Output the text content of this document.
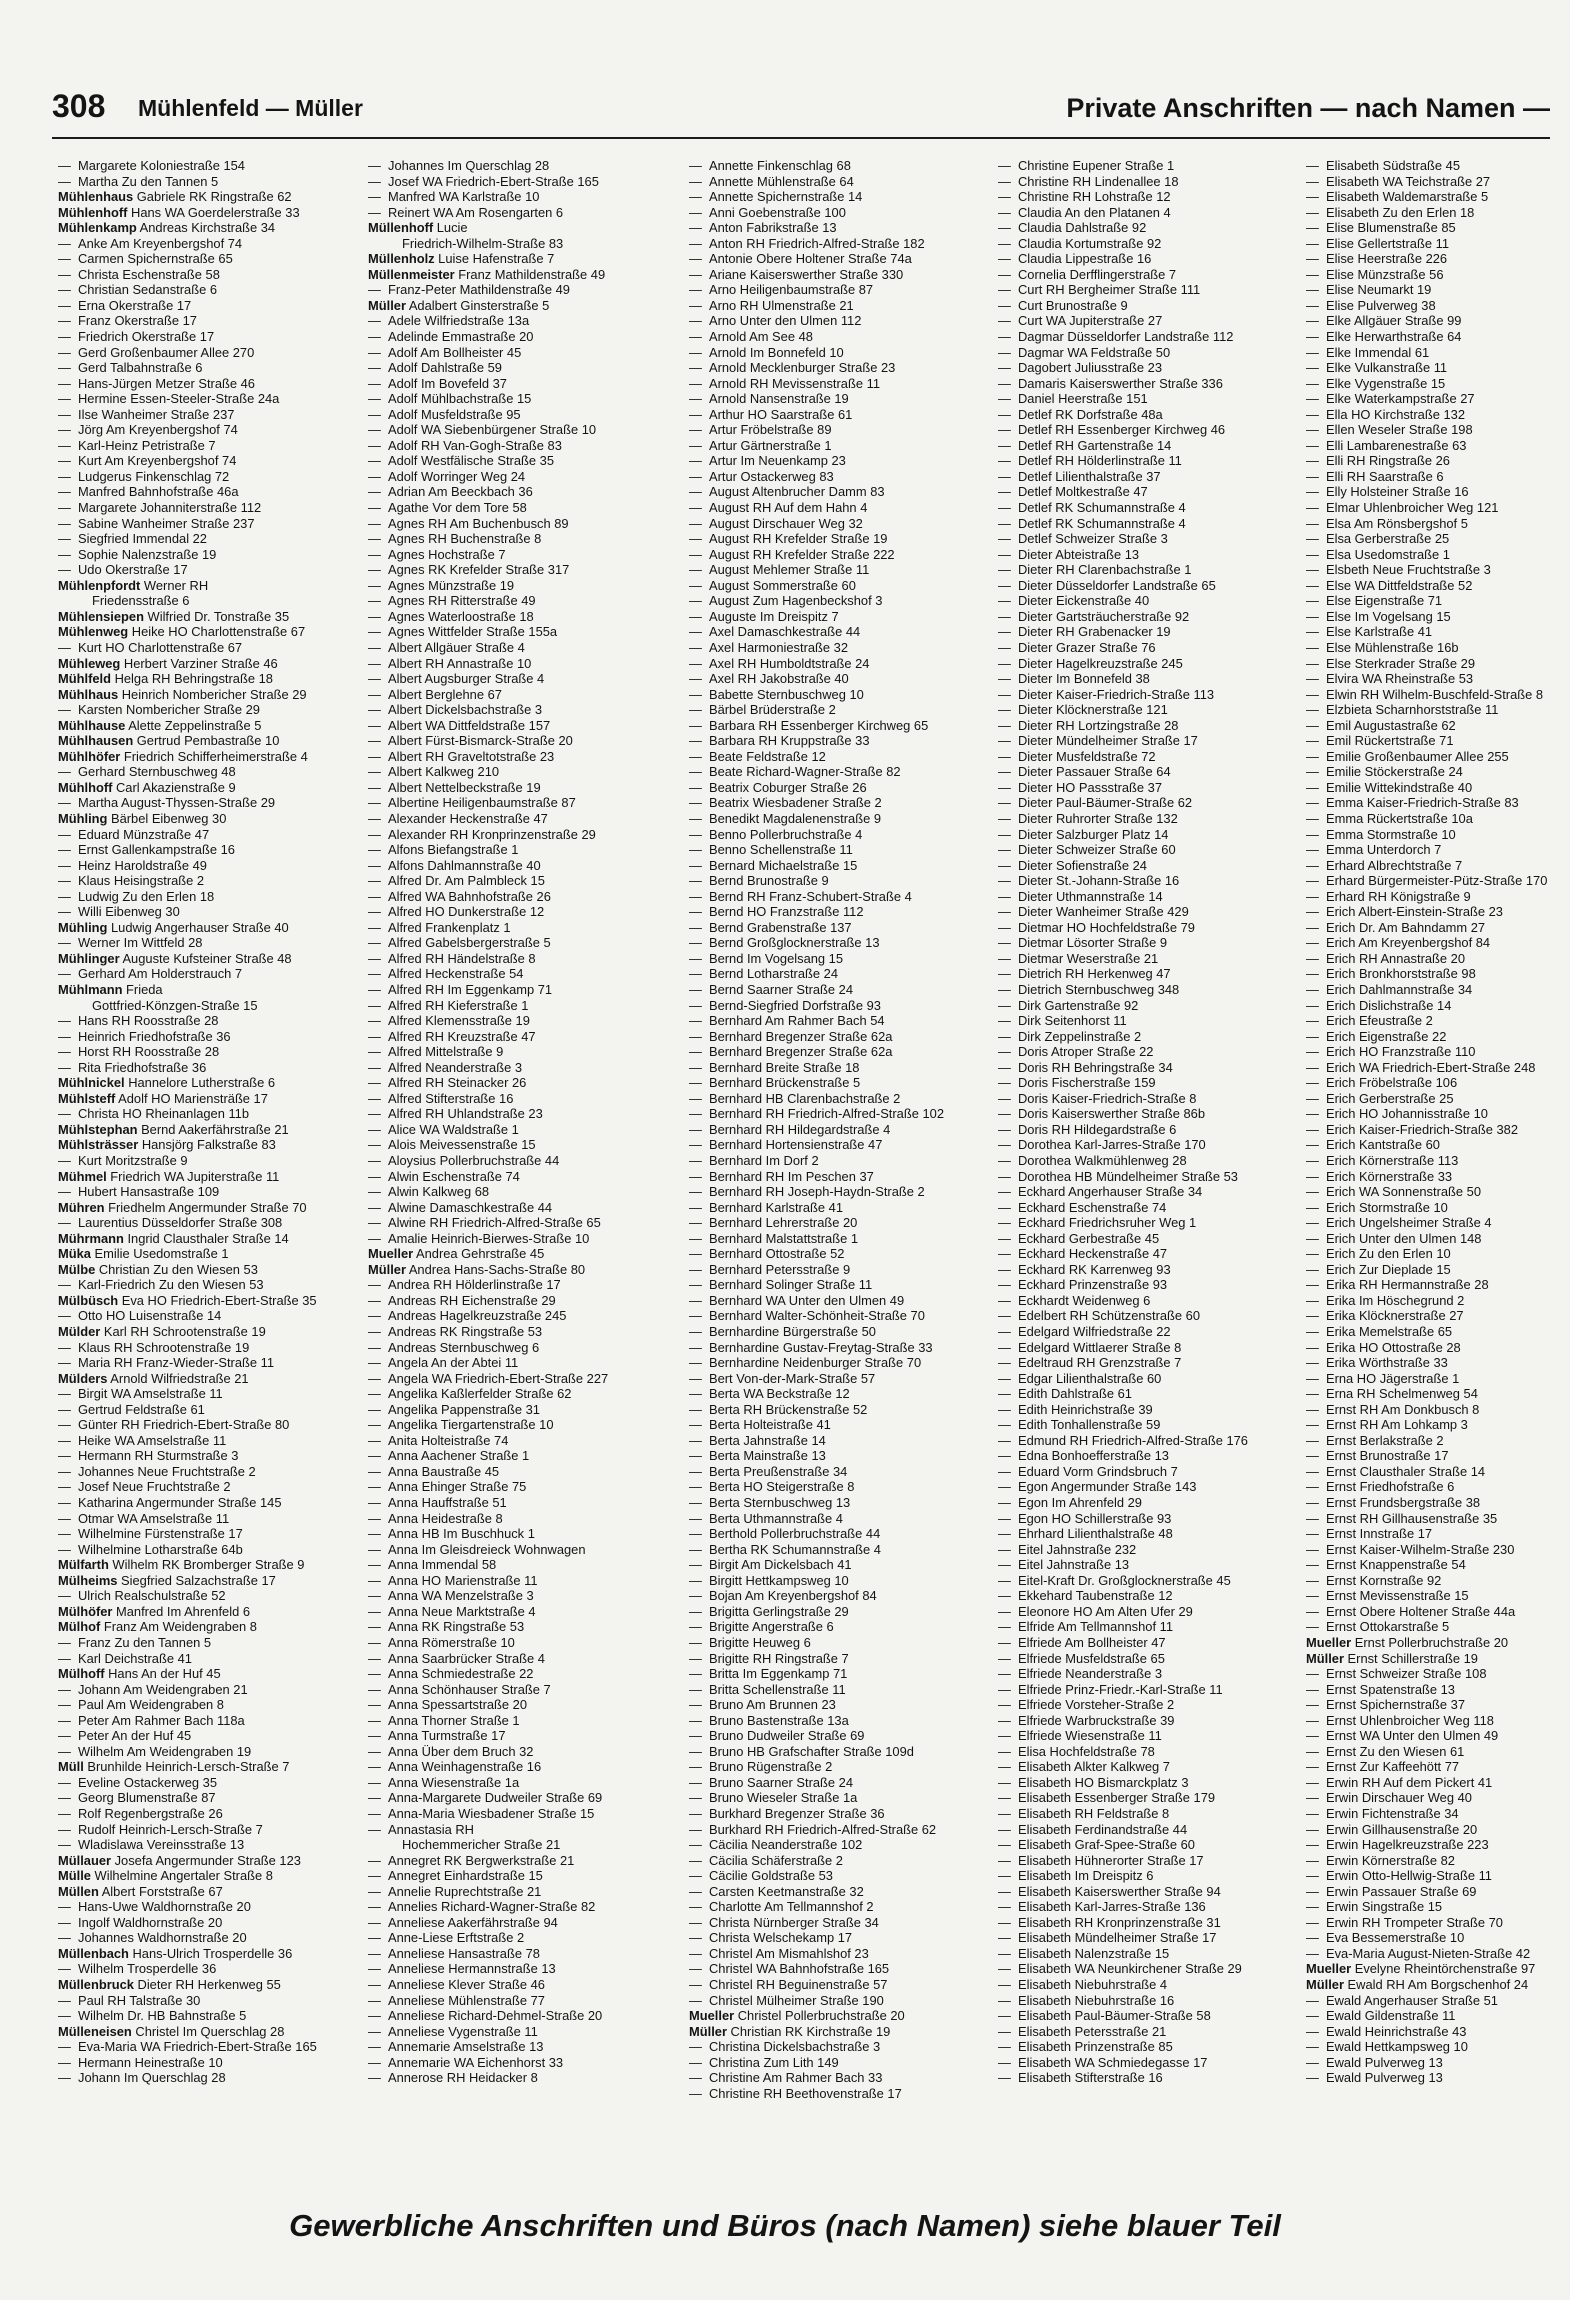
308 Mühlenfeld — Müller	Private Anschriften — nach Namen —
— Margarete Koloniestraße 154
— Martha Zu den Tannen 5
Mühlenhaus Gabriele RK Ringstraße 62
Mühlenhoff Hans WA Goerdelerstraße 33
Mühlenkamp Andreas Kirchstraße 34
— Anke Am Kreyenbergshof 74
— Carmen Spichernstraße 65
— Christa Eschenstraße 58
— Christian Sedanstraße 6
— Erna Okerstraße 17
— Franz Okerstraße 17
— Friedrich Okerstraße 17
— Gerd Großenbaumer Allee 270
— Gerd Talbahnstraße 6
— Hans-Jürgen Metzer Straße 46
— Hermine Essen-Steeler-Straße 24a
— Ilse Wanheimer Straße 237
— Jörg Am Kreyenbergshof 74
— Karl-Heinz Petristraße 7
— Kurt Am Kreyenbergshof 74
— Ludgerus Finkenschlag 72
— Manfred Bahnhofstraße 46a
— Margarete Johanniterstraße 112
— Sabine Wanheimer Straße 237
— Siegfried Immendal 22
— Sophie Nalenzstraße 19
— Udo Okerstraße 17
Mühlenpfordt Werner RH
Friedensstraße 6
Mühlensiepen Wilfried Dr. Tonstraße 35
Mühlenweg Heike HO Charlottenstraße 67
— Kurt HO Charlottenstraße 67
Mühleweg Herbert Varziner Straße 46
Mühlfeld Helga RH Behringstraße 18
Mühlhaus Heinrich Nombericher Straße 29
— Karsten Nombericher Straße 29
Mühlhause Alette Zeppelinstraße 5
Mühlhausen Gertrud Pembastraße 10
Mühlhöfer Friedrich Schifferheimerstraße 4
— Gerhard Sternbuschweg 48
Mühlhoff Carl Akazienstraße 9
— Martha August-Thyssen-Straße 29
Mühling Bärbel Eibenweg 30
— Eduard Münzstraße 47
— Ernst Gallenkampstraße 16
— Heinz Haroldstraße 49
— Klaus Heisingstraße 2
— Ludwig Zu den Erlen 18
— Willi Eibenweg 30
Mühling Ludwig Angerhauser Straße 40
— Werner Im Wittfeld 28
Mühlinger Auguste Kufsteiner Straße 48
— Gerhard Am Holderstrauch 7
Mühlmann Frieda
Gottfried-Könzgen-Straße 15
— Hans RH Roosstraße 28
— Heinrich Friedhofstraße 36
— Horst RH Roosstraße 28
— Rita Friedhofstraße 36
Mühlnickel Hannelore Lutherstraße 6
Mühlsteff Adolf HO Mariensträße 17
— Christa HO Rheinanlagen 11b
Mühlstephan Bernd Aakerfährstraße 21
Mühlsträsser Hansjörg Falkstraße 83
— Kurt Moritzstraße 9
Mühmel Friedrich WA Jupiterstraße 11
— Hubert Hansastraße 109
Mühren Friedhelm Angermunder Straße 70
— Laurentius Düsseldorfer Straße 308
Mührmann Ingrid Clausthaler Straße 14
Müka Emilie Usedomstraße 1
Mülbe Christian Zu den Wiesen 53
— Karl-Friedrich Zu den Wiesen 53
Mülbüsch Eva HO Friedrich-Ebert-Straße 35
— Otto HO Luisenstraße 14
Mülder Karl RH Schrootenstraße 19
— Klaus RH Schrootenstraße 19
— Maria RH Franz-Wieder-Straße 11
Mülders Arnold Wilfriedstraße 21
— Birgit WA Amselstraße 11
— Gertrud Feldstraße 61
— Günter RH Friedrich-Ebert-Straße 80
— Heike WA Amselstraße 11
— Hermann RH Sturmstraße 3
— Johannes Neue Fruchtstraße 2
— Josef Neue Fruchtstraße 2
— Katharina Angermunder Straße 145
— Otmar WA Amselstraße 11
— Wilhelmine Fürstenstraße 17
— Wilhelmine Lotharstraße 64b
Mülfarth Wilhelm RK Bromberger Straße 9
Mülheims Siegfried Salzachstraße 17
— Ulrich Realschulstraße 52
Mülhöfer Manfred Im Ahrenfeld 6
Mülhof Franz Am Weidengraben 8
— Franz Zu den Tannen 5
— Karl Deichstraße 41
Mülhoff Hans An der Huf 45
— Johann Am Weidengraben 21
— Paul Am Weidengraben 8
— Peter Am Rahmer Bach 118a
— Peter An der Huf 45
— Wilhelm Am Weidengraben 19
Müll Brunhilde Heinrich-Lersch-Straße 7
— Eveline Ostackerweg 35
— Georg Blumenstraße 87
— Rolf Regenbergstraße 26
— Rudolf Heinrich-Lersch-Straße 7
— Wladislawa Vereinsstraße 13
Müllauer Josefa Angermunder Straße 123
Mülle Wilhelmine Angertaler Straße 8
Müllen Albert Forststraße 67
— Hans-Uwe Waldhornstraße 20
— Ingolf Waldhornstraße 20
— Johannes Waldhornstraße 20
Müllenbach Hans-Ulrich Trosperdelle 36
— Wilhelm Trosperdelle 36
Müllenbruck Dieter RH Herkenweg 55
— Paul RH Talstraße 30
— Wilhelm Dr. HB Bahnstraße 5
Mülleneisen Christel Im Querschlag 28
— Eva-Maria WA Friedrich-Ebert-Straße 165
— Hermann Heinestraße 10
— Johann Im Querschlag 28
— Johannes Im Querschlag 28
— Josef WA Friedrich-Ebert-Straße 165
— Manfred WA Karlstraße 10
— Reinert WA Am Rosengarten 6
Müllenhoff Lucie
Friedrich-Wilhelm-Straße 83
Müllenholz Luise Hafenstraße 7
Müllenmeister Franz Mathildenstraße 49
— Franz-Peter Mathildenstraße 49
Müller Adalbert Ginsterstraße 5
— Adele Wilfriedstraße 13a
— Adelinde Emmastraße 20
— Adolf Am Bollheister 45
— Adolf Dahlstraße 59
— Adolf Im Bovefeld 37
— Adolf Mühlbachstraße 15
— Adolf Musfeldstraße 95
— Adolf WA Siebenbürgener Straße 10
— Adolf RH Van-Gogh-Straße 83
— Adolf Westfälische Straße 35
— Adolf Worringer Weg 24
— Adrian Am Beeckbach 36
— Agathe Vor dem Tore 58
— Agnes RH Am Buchenbusch 89
— Agnes RH Buchenstraße 8
— Agnes Hochstraße 7
— Agnes RK Krefelder Straße 317
— Agnes Münzstraße 19
— Agnes RH Ritterstraße 49
— Agnes Waterloostraße 18
— Agnes Wittfelder Straße 155a
— Albert Allgäuer Straße 4
— Albert RH Annastraße 10
— Albert Augsburger Straße 4
— Albert Berglehne 67
— Albert Dickelsbachstraße 3
— Albert WA Dittfeldstraße 157
— Albert Fürst-Bismarck-Straße 20
— Albert RH Graveltotstraße 23
— Albert Kalkweg 210
— Albert Nettelbeckstraße 19
— Albertine Heiligenbaumstraße 87
— Alexander Heckenstraße 47
— Alexander RH Kronprinzenstraße 29
— Alfons Biefangstraße 1
— Alfons Dahlmannstraße 40
— Alfred Dr. Am Palmbleck 15
— Alfred WA Bahnhofstraße 26
— Alfred HO Dunkerstraße 12
— Alfred Frankenplatz 1
— Alfred Gabelsbergerstraße 5
— Alfred RH Händelstraße 8
— Alfred Heckenstraße 54
— Alfred RH Im Eggenkamp 71
— Alfred RH Kieferstraße 1
— Alfred Klemensstraße 19
— Alfred RH Kreuzstraße 47
— Alfred Mittelstraße 9
— Alfred Neanderstraße 3
— Alfred RH Steinacker 26
— Alfred Stifterstraße 16
— Alfred RH Uhlandstraße 23
— Alice WA Waldstraße 1
— Alois Meivessenstraße 15
— Aloysius Pollerbruchstraße 44
— Alwin Eschenstraße 74
— Alwin Kalkweg 68
— Alwine Damaschkestraße 44
— Alwine RH Friedrich-Alfred-Straße 65
— Amalie Heinrich-Bierwes-Straße 10
Mueller Andrea Gehrstraße 45
Müller Andrea Hans-Sachs-Straße 80
— Andrea RH Hölderlinstraße 17
— Andreas RH Eichenstraße 29
— Andreas Hagelkreuzstraße 245
— Andreas RK Ringstraße 53
— Andreas Sternbuschweg 6
— Angela An der Abtei 11
— Angela WA Friedrich-Ebert-Straße 227
— Angelika Kaßlerfelder Straße 62
— Angelika Pappenstraße 31
— Angelika Tiergartenstraße 10
— Anita Holteistraße 74
— Anna Aachener Straße 1
— Anna Baustraße 45
— Anna Ehinger Straße 75
— Anna Hauffstraße 51
— Anna Heidestraße 8
— Anna HB Im Buschhuck 1
— Anna Im Gleisdreieck Wohnwagen
— Anna Immendal 58
— Anna HO Marienstraße 11
— Anna WA Menzelstraße 3
— Anna Neue Marktstraße 4
— Anna RK Ringstraße 53
— Anna Römerstraße 10
— Anna Saarbrücker Straße 4
— Anna Schmiedestraße 22
— Anna Schönhauser Straße 7
— Anna Spessartstraße 20
— Anna Thorner Straße 1
— Anna Turmstraße 17
— Anna Über dem Bruch 32
— Anna Weinhagenstraße 16
— Anna Wiesenstraße 1a
— Anna-Margarete Dudweiler Straße 69
— Anna-Maria Wiesbadener Straße 15
— Annastasia RH
Hochemmericher Straße 21
— Annegret RK Bergwerkstraße 21
— Annegret Einhardstraße 15
— Annelie Ruprechtstraße 21
— Annelies Richard-Wagner-Straße 82
— Anneliese Aakerfährstraße 94
— Anne-Liese Erftstraße 2
— Anneliese Hansastraße 78
— Anneliese Hermannstraße 13
— Anneliese Klever Straße 46
— Anneliese Mühlenstraße 77
— Anneliese Richard-Dehmel-Straße 20
— Anneliese Vygenstraße 11
— Annemarie Amselstraße 13
— Annemarie WA Eichenhorst 33
— Annerose RH Heidacker 8
— Annette Finkenschlag 68
— Annette Mühlenstraße 64
— Annette Spichernstraße 14
— Anni Goebenstraße 100
— Anton Fabrikstraße 13
— Anton RH Friedrich-Alfred-Straße 182
— Antonie Obere Holtener Straße 74a
— Ariane Kaiserswerther Straße 330
— Arno Heiligenbaumstraße 87
— Arno RH Ulmenstraße 21
— Arno Unter den Ulmen 112
— Arnold Am See 48
— Arnold Im Bonnefeld 10
— Arnold Mecklenburger Straße 23
— Arnold RH Mevissenstraße 11
— Arnold Nansenstraße 19
— Arthur HO Saarstraße 61
— Artur Fröbelstraße 89
— Artur Gärtnerstraße 1
— Artur Im Neuenkamp 23
— Artur Ostackerweg 83
— August Altenbrucher Damm 83
— August RH Auf dem Hahn 4
— August Dirschauer Weg 32
— August RH Krefelder Straße 19
— August RH Krefelder Straße 222
— August Mehlemer Straße 11
— August Sommerstraße 60
— August Zum Hagenbeckshof 3
— Auguste Im Dreispitz 7
— Axel Damaschkestraße 44
— Axel Harmoniestraße 32
— Axel RH Humboldtstraße 24
— Axel RH Jakobstraße 40
— Babette Sternbuschweg 10
— Bärbel Brüderstraße 2
— Barbara RH Essenberger Kirchweg 65
— Barbara RH Kruppstraße 33
— Beate Feldstraße 12
— Beate Richard-Wagner-Straße 82
— Beatrix Coburger Straße 26
— Beatrix Wiesbadener Straße 2
— Benedikt Magdalenenstraße 9
— Benno Pollerbruchstraße 4
— Benno Schellenstraße 11
— Bernard Michaelstraße 15
— Bernd Brunostraße 9
— Bernd RH Franz-Schubert-Straße 4
— Bernd HO Franzstraße 112
— Bernd Grabenstraße 137
— Bernd Großglocknerstraße 13
— Bernd Im Vogelsang 15
— Bernd Lotharstraße 24
— Bernd Saarner Straße 24
— Bernd-Siegfried Dorfstraße 93
— Bernhard Am Rahmer Bach 54
— Bernhard Bregenzer Straße 62a
— Bernhard Bregenzer Straße 62a
— Bernhard Breite Straße 18
— Bernhard Brückenstraße 5
— Bernhard HB Clarenbachstraße 2
— Bernhard RH Friedrich-Alfred-Straße 102
— Bernhard RH Hildegardstraße 4
— Bernhard Hortensienstraße 47
— Bernhard Im Dorf 2
— Bernhard RH Im Peschen 37
— Bernhard RH Joseph-Haydn-Straße 2
— Bernhard Karlstraße 41
— Bernhard Lehrerstraße 20
— Bernhard Malstattstraße 1
— Bernhard Ottostraße 52
— Bernhard Petersstraße 9
— Bernhard Solinger Straße 11
— Bernhard WA Unter den Ulmen 49
— Bernhard Walter-Schönheit-Straße 70
— Bernhardine Bürgerstraße 50
— Bernhardine Gustav-Freytag-Straße 33
— Bernhardine Neidenburger Straße 70
— Bert Von-der-Mark-Straße 57
— Berta WA Beckstraße 12
— Berta RH Brückenstraße 52
— Berta Holteistraße 41
— Berta Jahnstraße 14
— Berta Mainstraße 13
— Berta Preußenstraße 34
— Berta HO Steigerstraße 8
— Berta Sternbuschweg 13
— Berta Uthmannstraße 4
— Berthold Pollerbruchstraße 44
— Bertha RK Schumannstraße 4
— Birgit Am Dickelsbach 41
— Birgitt Hettkampsweg 10
— Bojan Am Kreyenbergshof 84
— Brigitta Gerlingstraße 29
— Brigitte Angerstraße 6
— Brigitte Heuweg 6
— Brigitte RH Ringstraße 7
— Britta Im Eggenkamp 71
— Britta Schellenstraße 11
— Bruno Am Brunnen 23
— Bruno Bastenstraße 13a
— Bruno Dudweiler Straße 69
— Bruno HB Grafschafter Straße 109d
— Bruno Rügenstraße 2
— Bruno Saarner Straße 24
— Bruno Wieseler Straße 1a
— Burkhard Bregenzer Straße 36
— Burkhard RH Friedrich-Alfred-Straße 62
— Cäcilia Neanderstraße 102
— Cäcilia Schäferstraße 2
— Cäcilie Goldstraße 53
— Carsten Keetmanstraße 32
— Charlotte Am Tellmannshof 2
— Christa Nürnberger Straße 34
— Christa Welschekamp 17
— Christel Am Mismahlshof 23
— Christel WA Bahnhofstraße 165
— Christel RH Beguinenstraße 57
— Christel Mülheimer Straße 190
Mueller Christel Pollerbruchstraße 20
Müller Christian RK Kirchstraße 19
— Christina Dickelsbachstraße 3
— Christina Zum Lith 149
— Christine Am Rahmer Bach 33
— Christine RH Beethovenstraße 17
— Christine Eupener Straße 1
— Christine RH Lindenallee 18
— Christine RH Lohstraße 12
— Claudia An den Platanen 4
— Claudia Dahlstraße 92
— Claudia Kortumstraße 92
— Claudia Lippestraße 16
— Cornelia Derfflingerstraße 7
— Curt RH Bergheimer Straße 111
— Curt Brunostraße 9
— Curt WA Jupiterstraße 27
— Dagmar Düsseldorfer Landstraße 112
— Dagmar WA Feldstraße 50
— Dagobert Juliusstraße 23
— Damaris Kaiserswerther Straße 336
— Daniel Heerstraße 151
— Detlef RK Dorfstraße 48a
— Detlef RH Essenberger Kirchweg 46
— Detlef RH Gartenstraße 14
— Detlef RH Hölderlinstraße 11
— Detlef Lilienthalstraße 37
— Detlef Moltkestraße 47
— Detlef RK Schumannstraße 4
— Detlef RK Schumannstraße 4
— Detlef Schweizer Straße 3
— Dieter Abteistraße 13
— Dieter RH Clarenbachstraße 1
— Dieter Düsseldorfer Landstraße 65
— Dieter Eickenstraße 40
— Dieter Gartsträucherstraße 92
— Dieter RH Grabenacker 19
— Dieter Grazer Straße 76
— Dieter Hagelkreuzstraße 245
— Dieter Im Bonnefeld 38
— Dieter Kaiser-Friedrich-Straße 113
— Dieter Klöcknerstraße 121
— Dieter RH Lortzingstraße 28
— Dieter Mündelheimer Straße 17
— Dieter Musfeldstraße 72
— Dieter Passauer Straße 64
— Dieter HO Passstraße 37
— Dieter Paul-Bäumer-Straße 62
— Dieter Ruhrorter Straße 132
— Dieter Salzburger Platz 14
— Dieter Schweizer Straße 60
— Dieter Sofienstraße 24
— Dieter St.-Johann-Straße 16
— Dieter Uthmannstraße 14
— Dieter Wanheimer Straße 429
— Dietmar HO Hochfeldstraße 79
— Dietmar Lösorter Straße 9
— Dietmar Weserstraße 21
— Dietrich RH Herkenweg 47
— Dietrich Sternbuschweg 348
— Dirk Gartenstraße 92
— Dirk Seitenhorst 11
— Dirk Zeppelinstraße 2
— Doris Atroper Straße 22
— Doris RH Behringstraße 34
— Doris Fischerstraße 159
— Doris Kaiser-Friedrich-Straße 8
— Doris Kaiserswerther Straße 86b
— Doris RH Hildegardstraße 6
— Dorothea Karl-Jarres-Straße 170
— Dorothea Walkmühlenweg 28
— Dorothea HB Mündelheimer Straße 53
— Eckhard Angerhauser Straße 34
— Eckhard Eschenstraße 74
— Eckhard Friedrichsruher Weg 1
— Eckhard Gerbestraße 45
— Eckhard Heckenstraße 47
— Eckhard RK Karrenweg 93
— Eckhard Prinzenstraße 93
— Eckhardt Weidenweg 6
— Edelbert RH Schützenstraße 60
— Edelgard Wilfriedstraße 22
— Edelgard Wittlaerer Straße 8
— Edeltraud RH Grenzstraße 7
— Edgar Lilienthalstraße 60
— Edith Dahlstraße 61
— Edith Heinrichstraße 39
— Edith Tonhallenstraße 59
— Edmund RH Friedrich-Alfred-Straße 176
— Edna Bonhoefferstraße 13
— Eduard Vorm Grindsbruch 7
— Egon Angermunder Straße 143
— Egon Im Ahrenfeld 29
— Egon HO Schillerstraße 93
— Ehrhard Lilienthalstraße 48
— Eitel Jahnstraße 232
— Eitel Jahnstraße 13
— Eitel-Kraft Dr. Großglocknerstraße 45
— Ekkehard Taubenstraße 12
— Eleonore HO Am Alten Ufer 29
— Elfride Am Tellmannshof 11
— Elfriede Am Bollheister 47
— Elfriede Musfeldstraße 65
— Elfriede Neanderstraße 3
— Elfriede Prinz-Friedr.-Karl-Straße 11
— Elfriede Vorsteher-Straße 2
— Elfriede Warbruckstraße 39
— Elfriede Wiesenstraße 11
— Elisa Hochfeldstraße 78
— Elisabeth Alkter Kalkweg 7
— Elisabeth HO Bismarckplatz 3
— Elisabeth Essenberger Straße 179
— Elisabeth RH Feldstraße 8
— Elisabeth Ferdinandstraße 44
— Elisabeth Graf-Spee-Straße 60
— Elisabeth Hühnerorter Straße 17
— Elisabeth Im Dreispitz 6
— Elisabeth Kaiserswerther Straße 94
— Elisabeth Karl-Jarres-Straße 136
— Elisabeth RH Kronprinzenstraße 31
— Elisabeth Mündelheimer Straße 17
— Elisabeth Nalenzstraße 15
— Elisabeth WA Neunkirchener Straße 29
— Elisabeth Niebuhrstraße 4
— Elisabeth Niebuhrstraße 16
— Elisabeth Paul-Bäumer-Straße 58
— Elisabeth Petersstraße 21
— Elisabeth Prinzenstraße 85
— Elisabeth WA Schmiedegasse 17
— Elisabeth Stifterstraße 16
— Elisabeth Südstraße 45
— Elisabeth WA Teichstraße 27
— Elisabeth Waldemarstraße 5
— Elisabeth Zu den Erlen 18
— Elise Blumenstraße 85
— Elise Gellertstraße 11
— Elise Heerstraße 226
— Elise Münzstraße 56
— Elise Neumarkt 19
— Elise Pulverweg 38
— Elke Allgäuer Straße 99
— Elke Herwarthstraße 64
— Elke Immendal 61
— Elke Vulkanstraße 11
— Elke Vygenstraße 15
— Elke Waterkampstraße 27
— Ella HO Kirchstraße 132
— Ellen Weseler Straße 198
— Elli Lambarenestraße 63
— Elli RH Ringstraße 26
— Elli RH Saarstraße 6
— Elly Holsteiner Straße 16
— Elmar Uhlenbroicher Weg 121
— Elsa Am Rönsbergshof 5
— Elsa Gerberstraße 25
— Elsa Usedomstraße 1
— Elsbeth Neue Fruchtstraße 3
— Else WA Dittfeldstraße 52
— Else Eigenstraße 71
— Else Im Vogelsang 15
— Else Karlstraße 41
— Else Mühlenstraße 16b
— Else Sterkrader Straße 29
— Elvira WA Rheinstraße 53
— Elwin RH Wilhelm-Buschfeld-Straße 8
— Elzbieta Scharnhorststraße 11
— Emil Augustastraße 62
— Emil Rückertstraße 71
— Emilie Großenbaumer Allee 255
— Emilie Stöckerstraße 24
— Emilie Wittekindstraße 40
— Emma Kaiser-Friedrich-Straße 83
— Emma Rückertstraße 10a
— Emma Stormstraße 10
— Emma Unterdorch 7
— Erhard Albrechtstraße 7
— Erhard Bürgermeister-Pütz-Straße 170
— Erhard RH Königstraße 9
— Erich Albert-Einstein-Straße 23
— Erich Dr. Am Bahndamm 27
— Erich Am Kreyenbergshof 84
— Erich RH Annastraße 20
— Erich Bronkhorststraße 98
— Erich Dahlmannstraße 34
— Erich Dislichstraße 14
— Erich Efeustraße 2
— Erich Eigenstraße 22
— Erich HO Franzstraße 110
— Erich WA Friedrich-Ebert-Straße 248
— Erich Fröbelstraße 106
— Erich Gerberstraße 25
— Erich HO Johannisstraße 10
— Erich Kaiser-Friedrich-Straße 382
— Erich Kantstraße 60
— Erich Körnerstraße 113
— Erich Körnerstraße 33
— Erich WA Sonnenstraße 50
— Erich Stormstraße 10
— Erich Ungelsheimer Straße 4
— Erich Unter den Ulmen 148
— Erich Zu den Erlen 10
— Erich Zur Dieplade 15
— Erika RH Hermannstraße 28
— Erika Im Höschegrund 2
— Erika Klöcknerstraße 27
— Erika Memelstraße 65
— Erika HO Ottostraße 28
— Erika Wörthstraße 33
— Erna HO Jägerstraße 1
— Erna RH Schelmenweg 54
— Ernst RH Am Donkbusch 8
— Ernst RH Am Lohkamp 3
— Ernst Berlakstraße 2
— Ernst Brunostraße 17
— Ernst Clausthaler Straße 14
— Ernst Friedhofstraße 6
— Ernst Frundsbergstraße 38
— Ernst RH Gillhausenstraße 35
— Ernst Innstraße 17
— Ernst Kaiser-Wilhelm-Straße 230
— Ernst Knappenstraße 54
— Ernst Kornstraße 92
— Ernst Mevissenstraße 15
— Ernst Obere Holtener Straße 44a
— Ernst Ottokarstraße 5
Mueller Ernst Pollerbruchstraße 20
Müller Ernst Schillerstraße 19
— Ernst Schweizer Straße 108
— Ernst Spatenstraße 13
— Ernst Spichernstraße 37
— Ernst Uhlenbroicher Weg 118
— Ernst WA Unter den Ulmen 49
— Ernst Zu den Wiesen 61
— Ernst Zur Kaffeehött 77
— Erwin RH Auf dem Pickert 41
— Erwin Dirschauer Weg 40
— Erwin Fichtenstraße 34
— Erwin Gillhausenstraße 20
— Erwin Hagelkreuzstraße 223
— Erwin Körnerstraße 82
— Erwin Otto-Hellwig-Straße 11
— Erwin Passauer Straße 69
— Erwin Singstraße 15
— Erwin RH Trompeter Straße 70
— Eva Bessemerstraße 10
— Eva-Maria August-Nieten-Straße 42
Mueller Evelyne Rheintörchenstraße 97
Müller Ewald RH Am Borgschenhof 24
— Ewald Angerhauser Straße 51
— Ewald Gildenstraße 11
— Ewald Heinrichstraße 43
— Ewald Hettkampsweg 10
— Ewald Pulverweg 13
— Ewald Pulverweg 13
Gewerbliche Anschriften und Büros (nach Namen) siehe blauer Teil
